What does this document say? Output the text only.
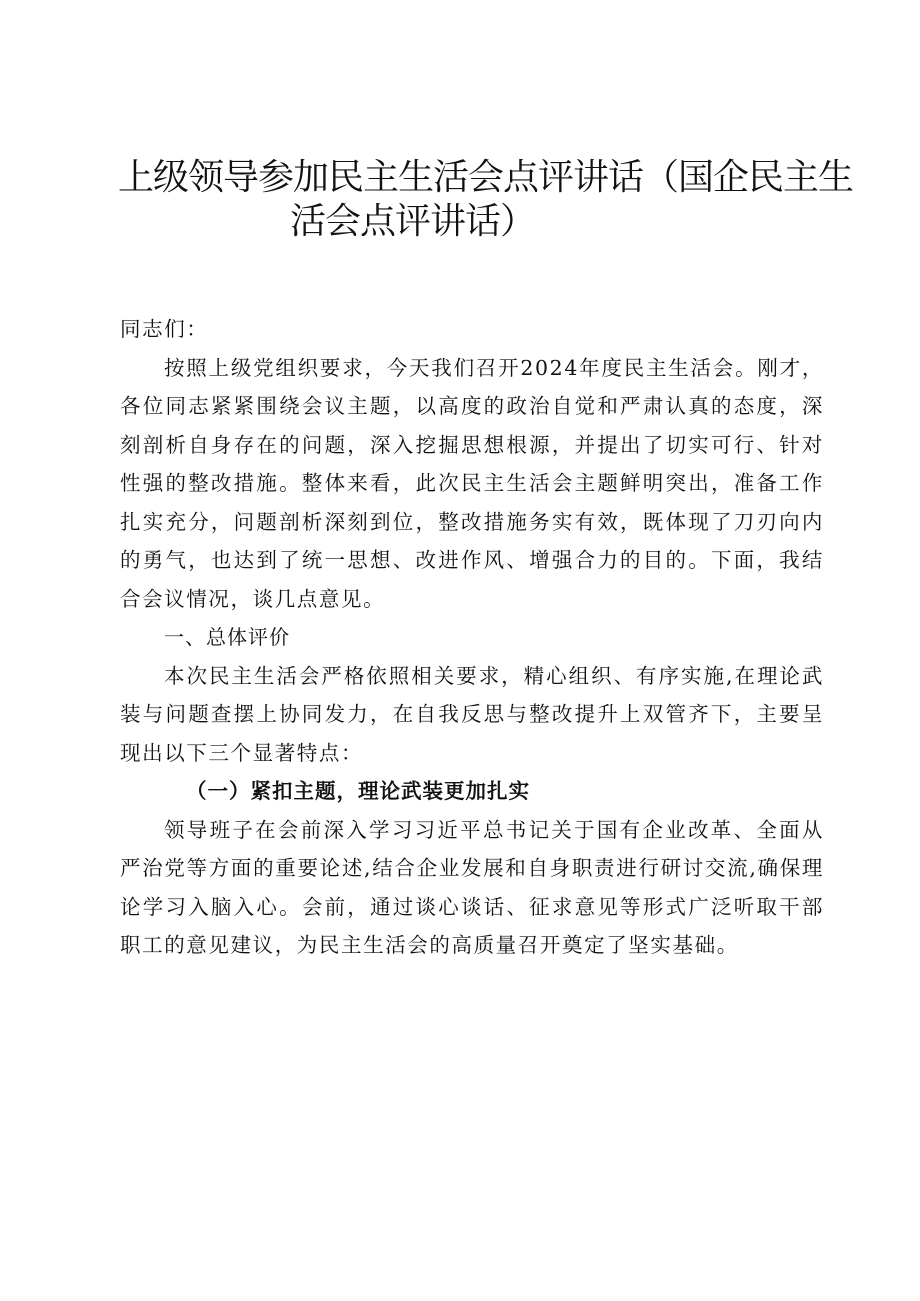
上级领导参加民主生活会点评讲话（国企民主生
活会点评讲话）

同志们：

按照上级党组织要求，今天我们召开2024年度民主生活会。刚才，各位同志紧紧围绕会议主题，以高度的政治自觉和严肃认真的态度，深刻剖析自身存在的问题，深入挖掘思想根源，并提出了切实可行、针对性强的整改措施。整体来看，此次民主生活会主题鲜明突出，准备工作扎实充分，问题剖析深刻到位，整改措施务实有效，既体现了刀刃向内的勇气，也达到了统一思想、改进作风、增强合力的目的。下面，我结合会议情况，谈几点意见。

一、总体评价

本次民主生活会严格依照相关要求，精心组织、有序实施,在理论武装与问题查摆上协同发力，在自我反思与整改提升上双管齐下，主要呈现出以下三个显著特点：

（一）紧扣主题，理论武装更加扎实

领导班子在会前深入学习习近平总书记关于国有企业改革、全面从严治党等方面的重要论述,结合企业发展和自身职责进行研讨交流,确保理论学习入脑入心。会前，通过谈心谈话、征求意见等形式广泛听取干部职工的意见建议，为民主生活会的高质量召开奠定了坚实基础。
